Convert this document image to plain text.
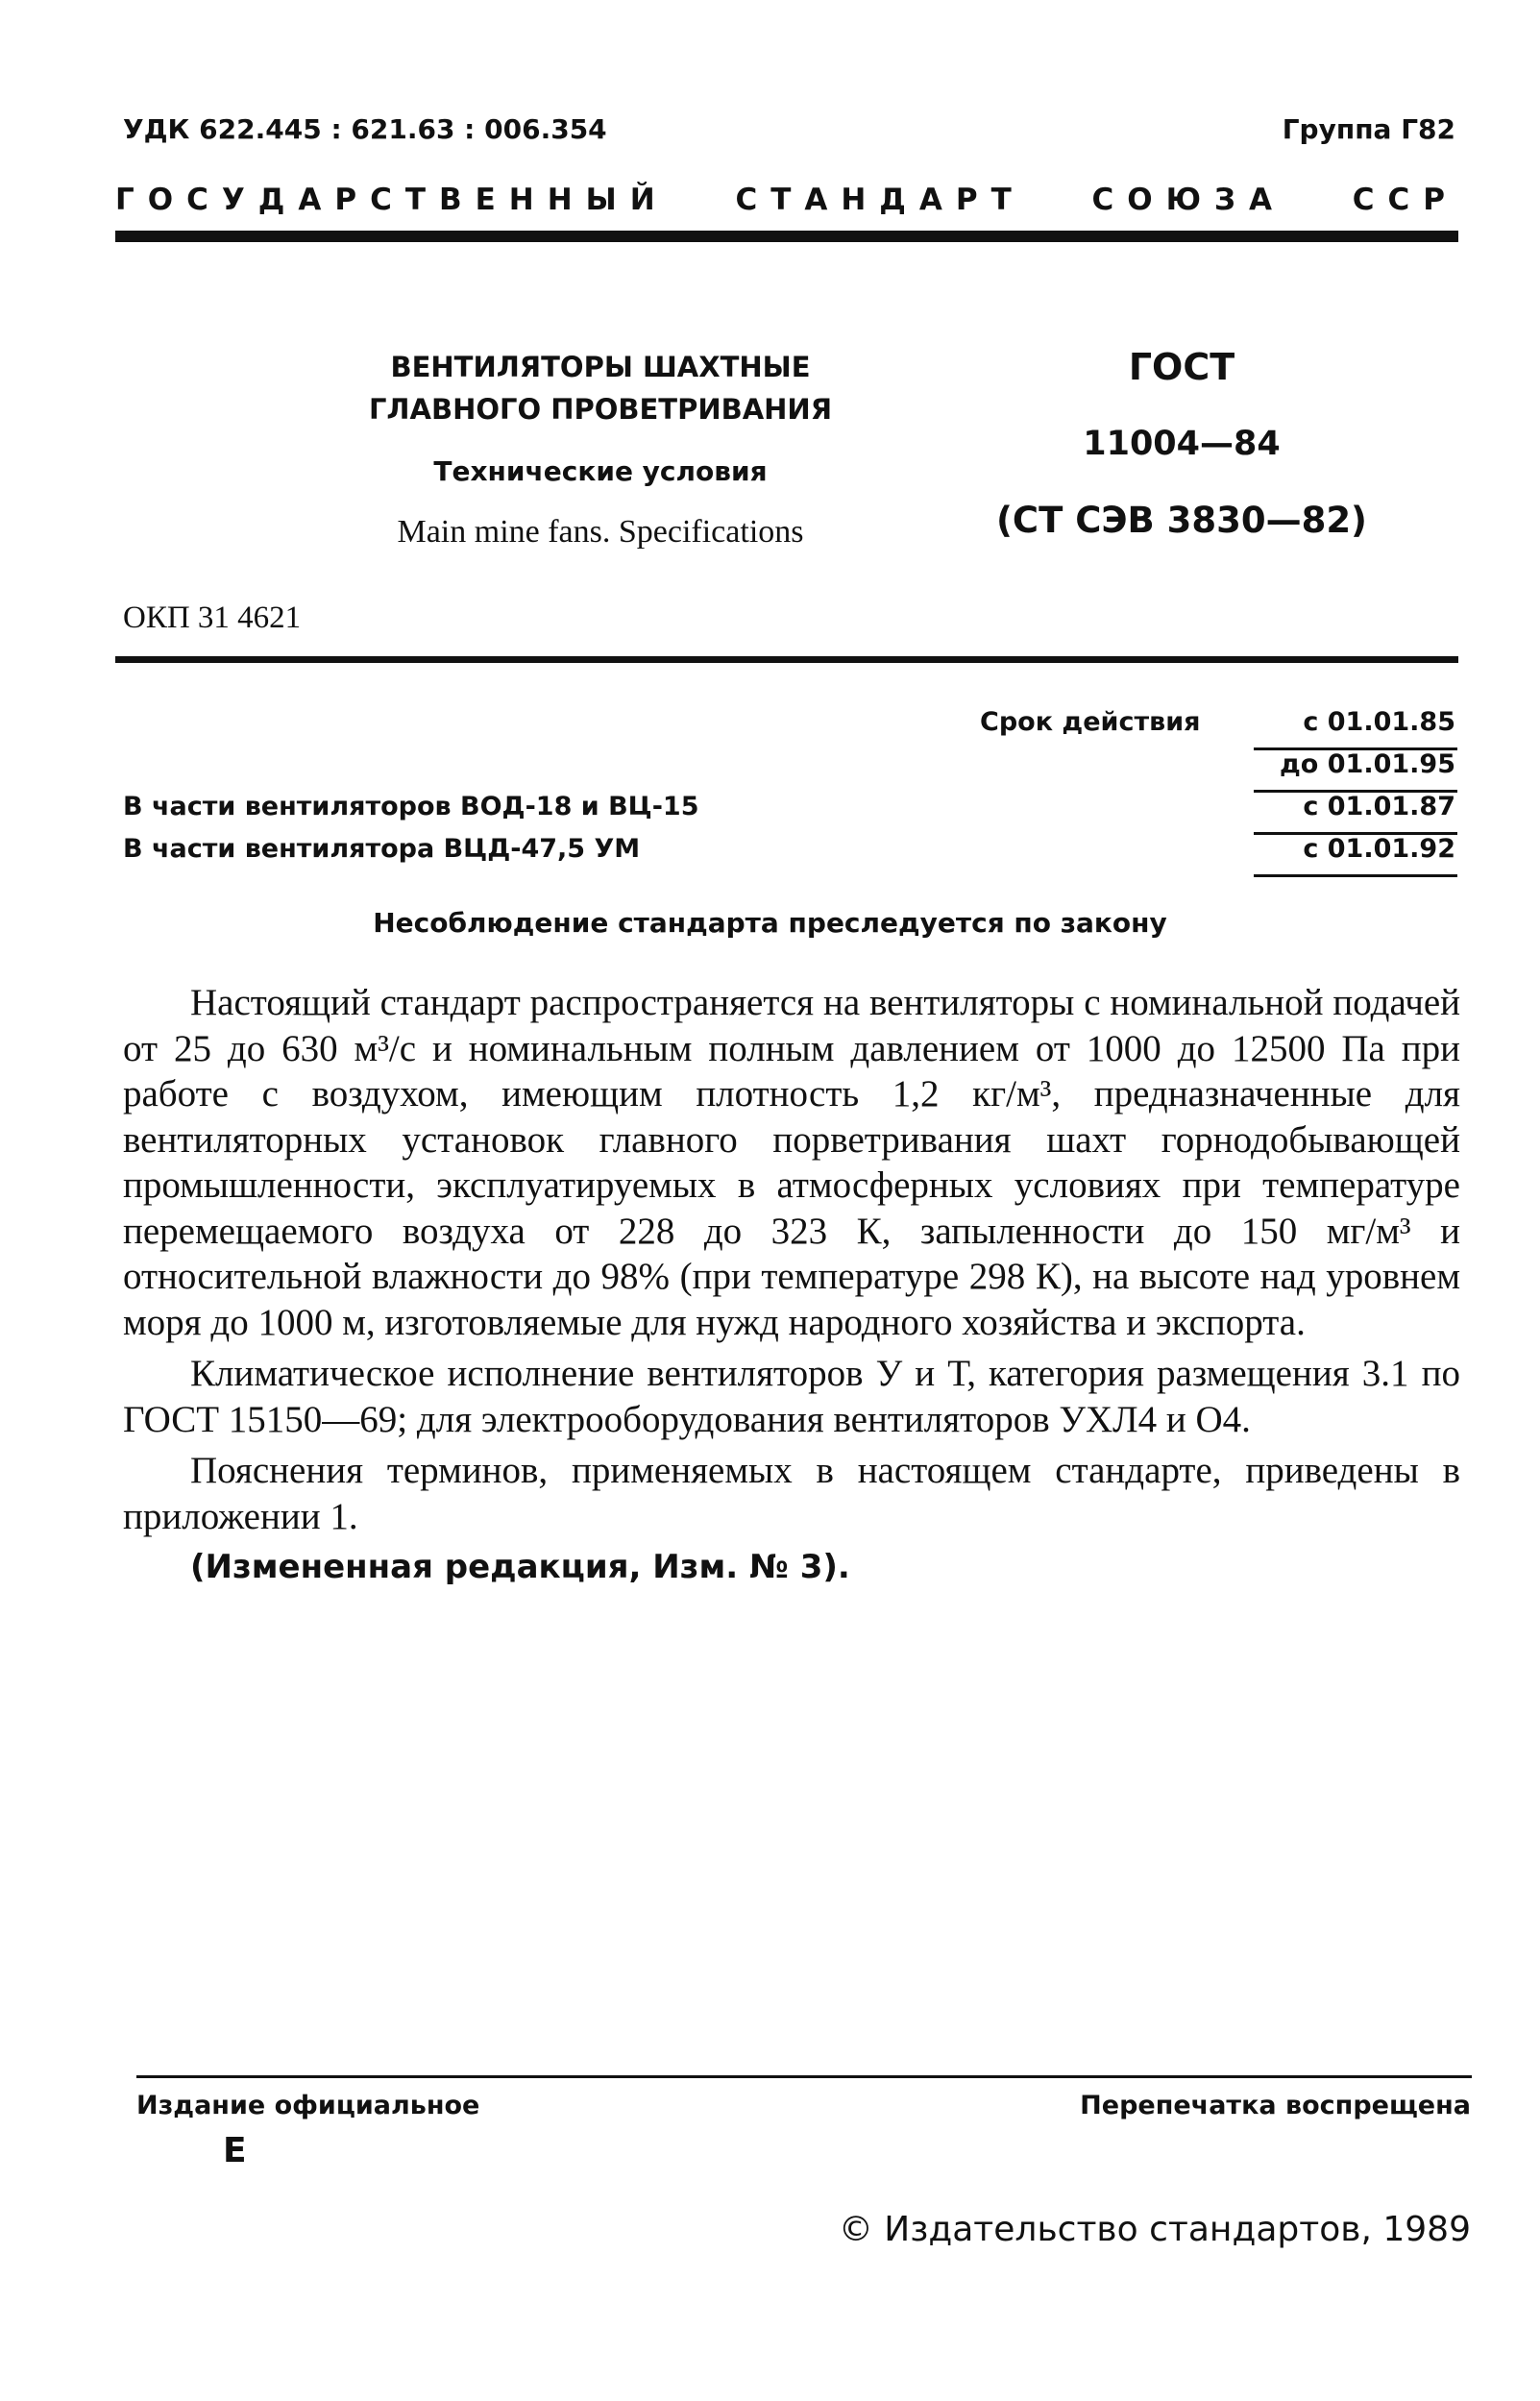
УДК 622.445 : 621.63 : 006.354	Группа Г82
ГОСУДАРСТВЕННЫЙ СТАНДАРТ СОЮЗА ССР
ВЕНТИЛЯТОРЫ ШАХТНЫЕ
ГЛАВНОГО ПРОВЕТРИВАНИЯ
Технические условия
Main mine fans. Specifications
ГОСТ
11004—84
(СТ СЭВ 3830—82)
ОКП 31 4621
Срок действия	с 01.01.85
до 01.01.95
с 01.01.87
с 01.01.92
В части вентиляторов ВОД-18 и ВЦ-15
В части вентилятора ВЦД-47,5 УМ
Несоблюдение стандарта преследуется по закону

Настоящий стандарт распространяется на вентиляторы с номинальной подачей от 25 до 630 м³/с и номинальным полным давлением от 1000 до 12500 Па при работе с воздухом, имеющим плотность 1,2 кг/м³, предназначенные для вентиляторных установок главного порветривания шахт горнодобывающей промышленности, эксплуатируемых в атмосферных условиях при температуре перемещаемого воздуха от 228 до 323 К, запыленности до 150 мг/м³ и относительной влажности до 98% (при температуре 298 К), на высоте над уровнем моря до 1000 м, изготовляемые для нужд народного хозяйства и экспорта.

Климатическое исполнение вентиляторов У и Т, категория размещения 3.1 по ГОСТ 15150—69; для электрооборудования вентиляторов УХЛ4 и О4.

Пояснения терминов, применяемых в настоящем стандарте, приведены в приложении 1.

(Измененная редакция, Изм. № 3).

Издание официальное
Е
Перепечатка воспрещена
© Издательство стандартов, 1989
